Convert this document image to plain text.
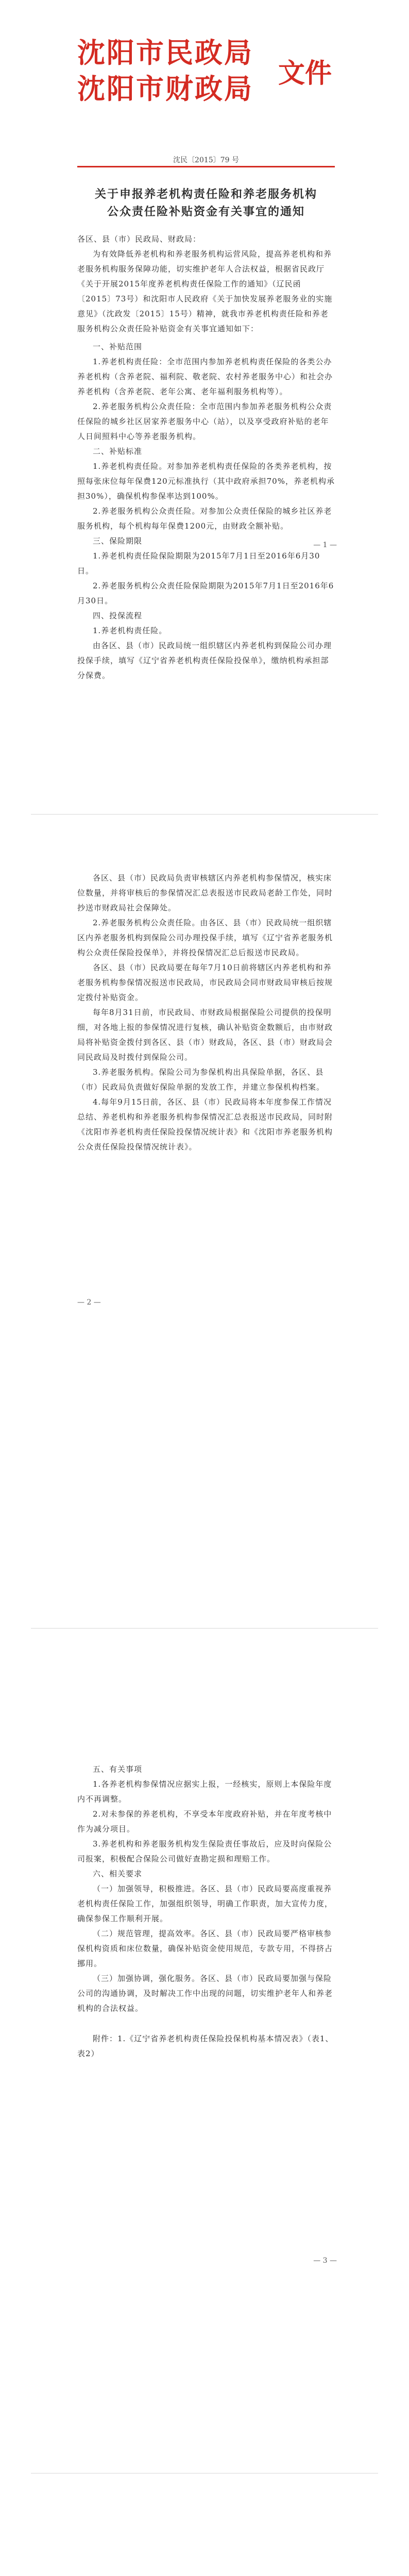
沈阳市民政局
沈阳市财政局 文件
沈民〔2015〕79 号
关于申报养老机构责任险和养老服务机构
公众责任险补贴资金有关事宜的通知

各区、县（市）民政局、财政局：

为有效降低养老机构和养老服务机构运营风险，提高养老机构和养老服务机构服务保障功能，切实维护老年人合法权益，根据省民政厅《关于开展2015年度养老机构责任保险工作的通知》（辽民函〔2015〕73号）和沈阳市人民政府《关于加快发展养老服务业的实施意见》（沈政发〔2015〕15号）精神，就我市养老机构责任险和养老服务机构公众责任险补贴资金有关事宜通知如下：

一、补贴范围

1.养老机构责任险：全市范围内参加养老机构责任保险的各类公办养老机构（含养老院、福利院、敬老院、农村养老服务中心）和社会办养老机构（含养老院、老年公寓、老年福利服务机构等）。

2.养老服务机构公众责任险：全市范围内参加养老服务机构公众责任保险的城乡社区居家养老服务中心（站），以及享受政府补贴的老年人日间照料中心等养老服务机构。

二、补贴标准

1.养老机构责任险。对参加养老机构责任保险的各类养老机构，按照每张床位每年保费120元标准执行（其中政府承担70%，养老机构承担30%），确保机构参保率达到100%。

2.养老服务机构公众责任险。对参加公众责任保险的城乡社区养老服务机构，每个机构每年保费1200元，由财政全额补贴。

三、保险期限

1.养老机构责任险保险期限为2015年7月1日至2016年6月30日。

2.养老服务机构公众责任险保险期限为2015年7月1日至2016年6月30日。

四、投保流程

1.养老机构责任险。

由各区、县（市）民政局统一组织辖区内养老机构到保险公司办理投保手续，填写《辽宁省养老机构责任保险投保单》，缴纳机构承担部分保费。

— 1 —

各区、县（市）民政局负责审核辖区内养老机构参保情况，核实床位数量，并将审核后的参保情况汇总表报送市民政局老龄工作处，同时抄送市财政局社会保障处。

2.养老服务机构公众责任险。由各区、县（市）民政局统一组织辖区内养老服务机构到保险公司办理投保手续，填写《辽宁省养老服务机构公众责任保险投保单》，并将投保情况汇总后报送市民政局。

各区、县（市）民政局要在每年7月10日前将辖区内养老机构和养老服务机构参保情况报送市民政局，市民政局会同市财政局审核后按规定拨付补贴资金。

每年8月31日前，市民政局、市财政局根据保险公司提供的投保明细，对各地上报的参保情况进行复核，确认补贴资金数额后，由市财政局将补贴资金拨付到各区、县（市）财政局，各区、县（市）财政局会同民政局及时拨付到保险公司。

3.养老服务机构。保险公司为参保机构出具保险单据，各区、县（市）民政局负责做好保险单据的发放工作，并建立参保机构档案。

4.每年9月15日前，各区、县（市）民政局将本年度参保工作情况总结、养老机构和养老服务机构参保情况汇总表报送市民政局，同时附《沈阳市养老机构责任保险投保情况统计表》和《沈阳市养老服务机构公众责任保险投保情况统计表》。

— 2 —

五、有关事项

1.各养老机构参保情况应据实上报，一经核实，原则上本保险年度内不再调整。

2.对未参保的养老机构，不享受本年度政府补贴，并在年度考核中作为减分项目。

3.养老机构和养老服务机构发生保险责任事故后，应及时向保险公司报案，积极配合保险公司做好查勘定损和理赔工作。

六、相关要求

（一）加强领导，积极推进。各区、县（市）民政局要高度重视养老机构责任保险工作，加强组织领导，明确工作职责，加大宣传力度，确保参保工作顺利开展。

（二）规范管理，提高效率。各区、县（市）民政局要严格审核参保机构资质和床位数量，确保补贴资金使用规范，专款专用，不得挤占挪用。

（三）加强协调，强化服务。各区、县（市）民政局要加强与保险公司的沟通协调，及时解决工作中出现的问题，切实维护老年人和养老机构的合法权益。

附件：1.《辽宁省养老机构责任保险投保机构基本情况表》（表1、表2）

— 3 —
